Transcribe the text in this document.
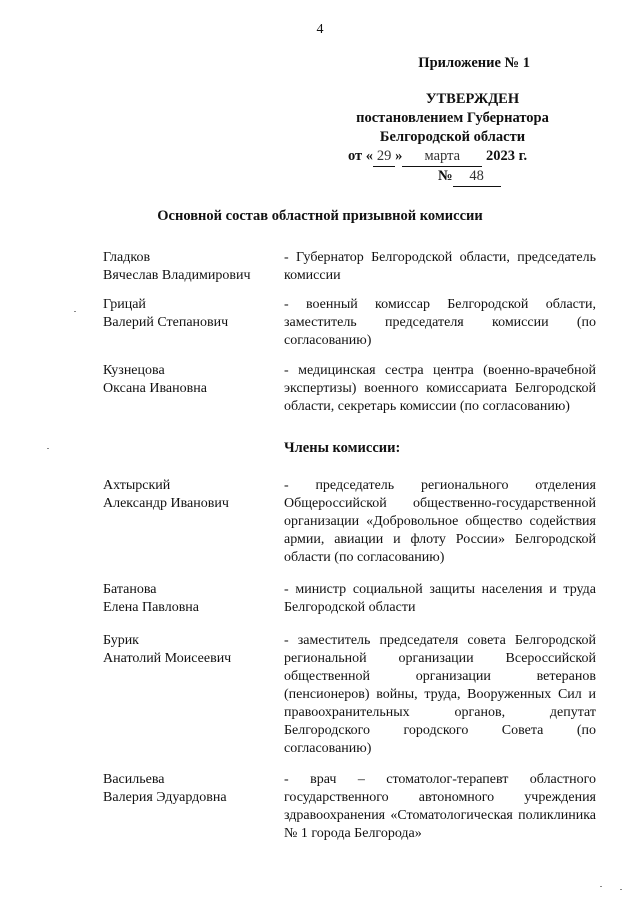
4
Приложение № 1
УТВЕРЖДЕН
постановлением Губернатора
Белгородской области
от « 29 » марта 2023 г.
№ 48
Основной состав областной призывной комиссии
Гладков
Вячеслав Владимирович
- Губернатор Белгородской области, председатель комиссии
Грицай
Валерий Степанович
- военный комиссар Белгородской области, заместитель председателя комиссии (по согласованию)
Кузнецова
Оксана Ивановна
- медицинская сестра центра (военно-врачебной экспертизы) военного комиссариата Белгородской области, секретарь комиссии (по согласованию)
Члены комиссии:
Ахтырский
Александр Иванович
- председатель регионального отделения Общероссийской общественно-государственной организации «Добровольное общество содействия армии, авиации и флоту России» Белгородской области (по согласованию)
Батанова
Елена Павловна
- министр социальной защиты населения и труда Белгородской области
Бурик
Анатолий Моисеевич
- заместитель председателя совета Белгородской региональной организации Всероссийской общественной организации ветеранов (пенсионеров) войны, труда, Вооруженных Сил и правоохранительных органов, депутат Белгородского городского Совета (по согласованию)
Васильева
Валерия Эдуардовна
- врач – стоматолог-терапевт областного государственного автономного учреждения здравоохранения «Стоматологическая поликлиника № 1 города Белгорода»
